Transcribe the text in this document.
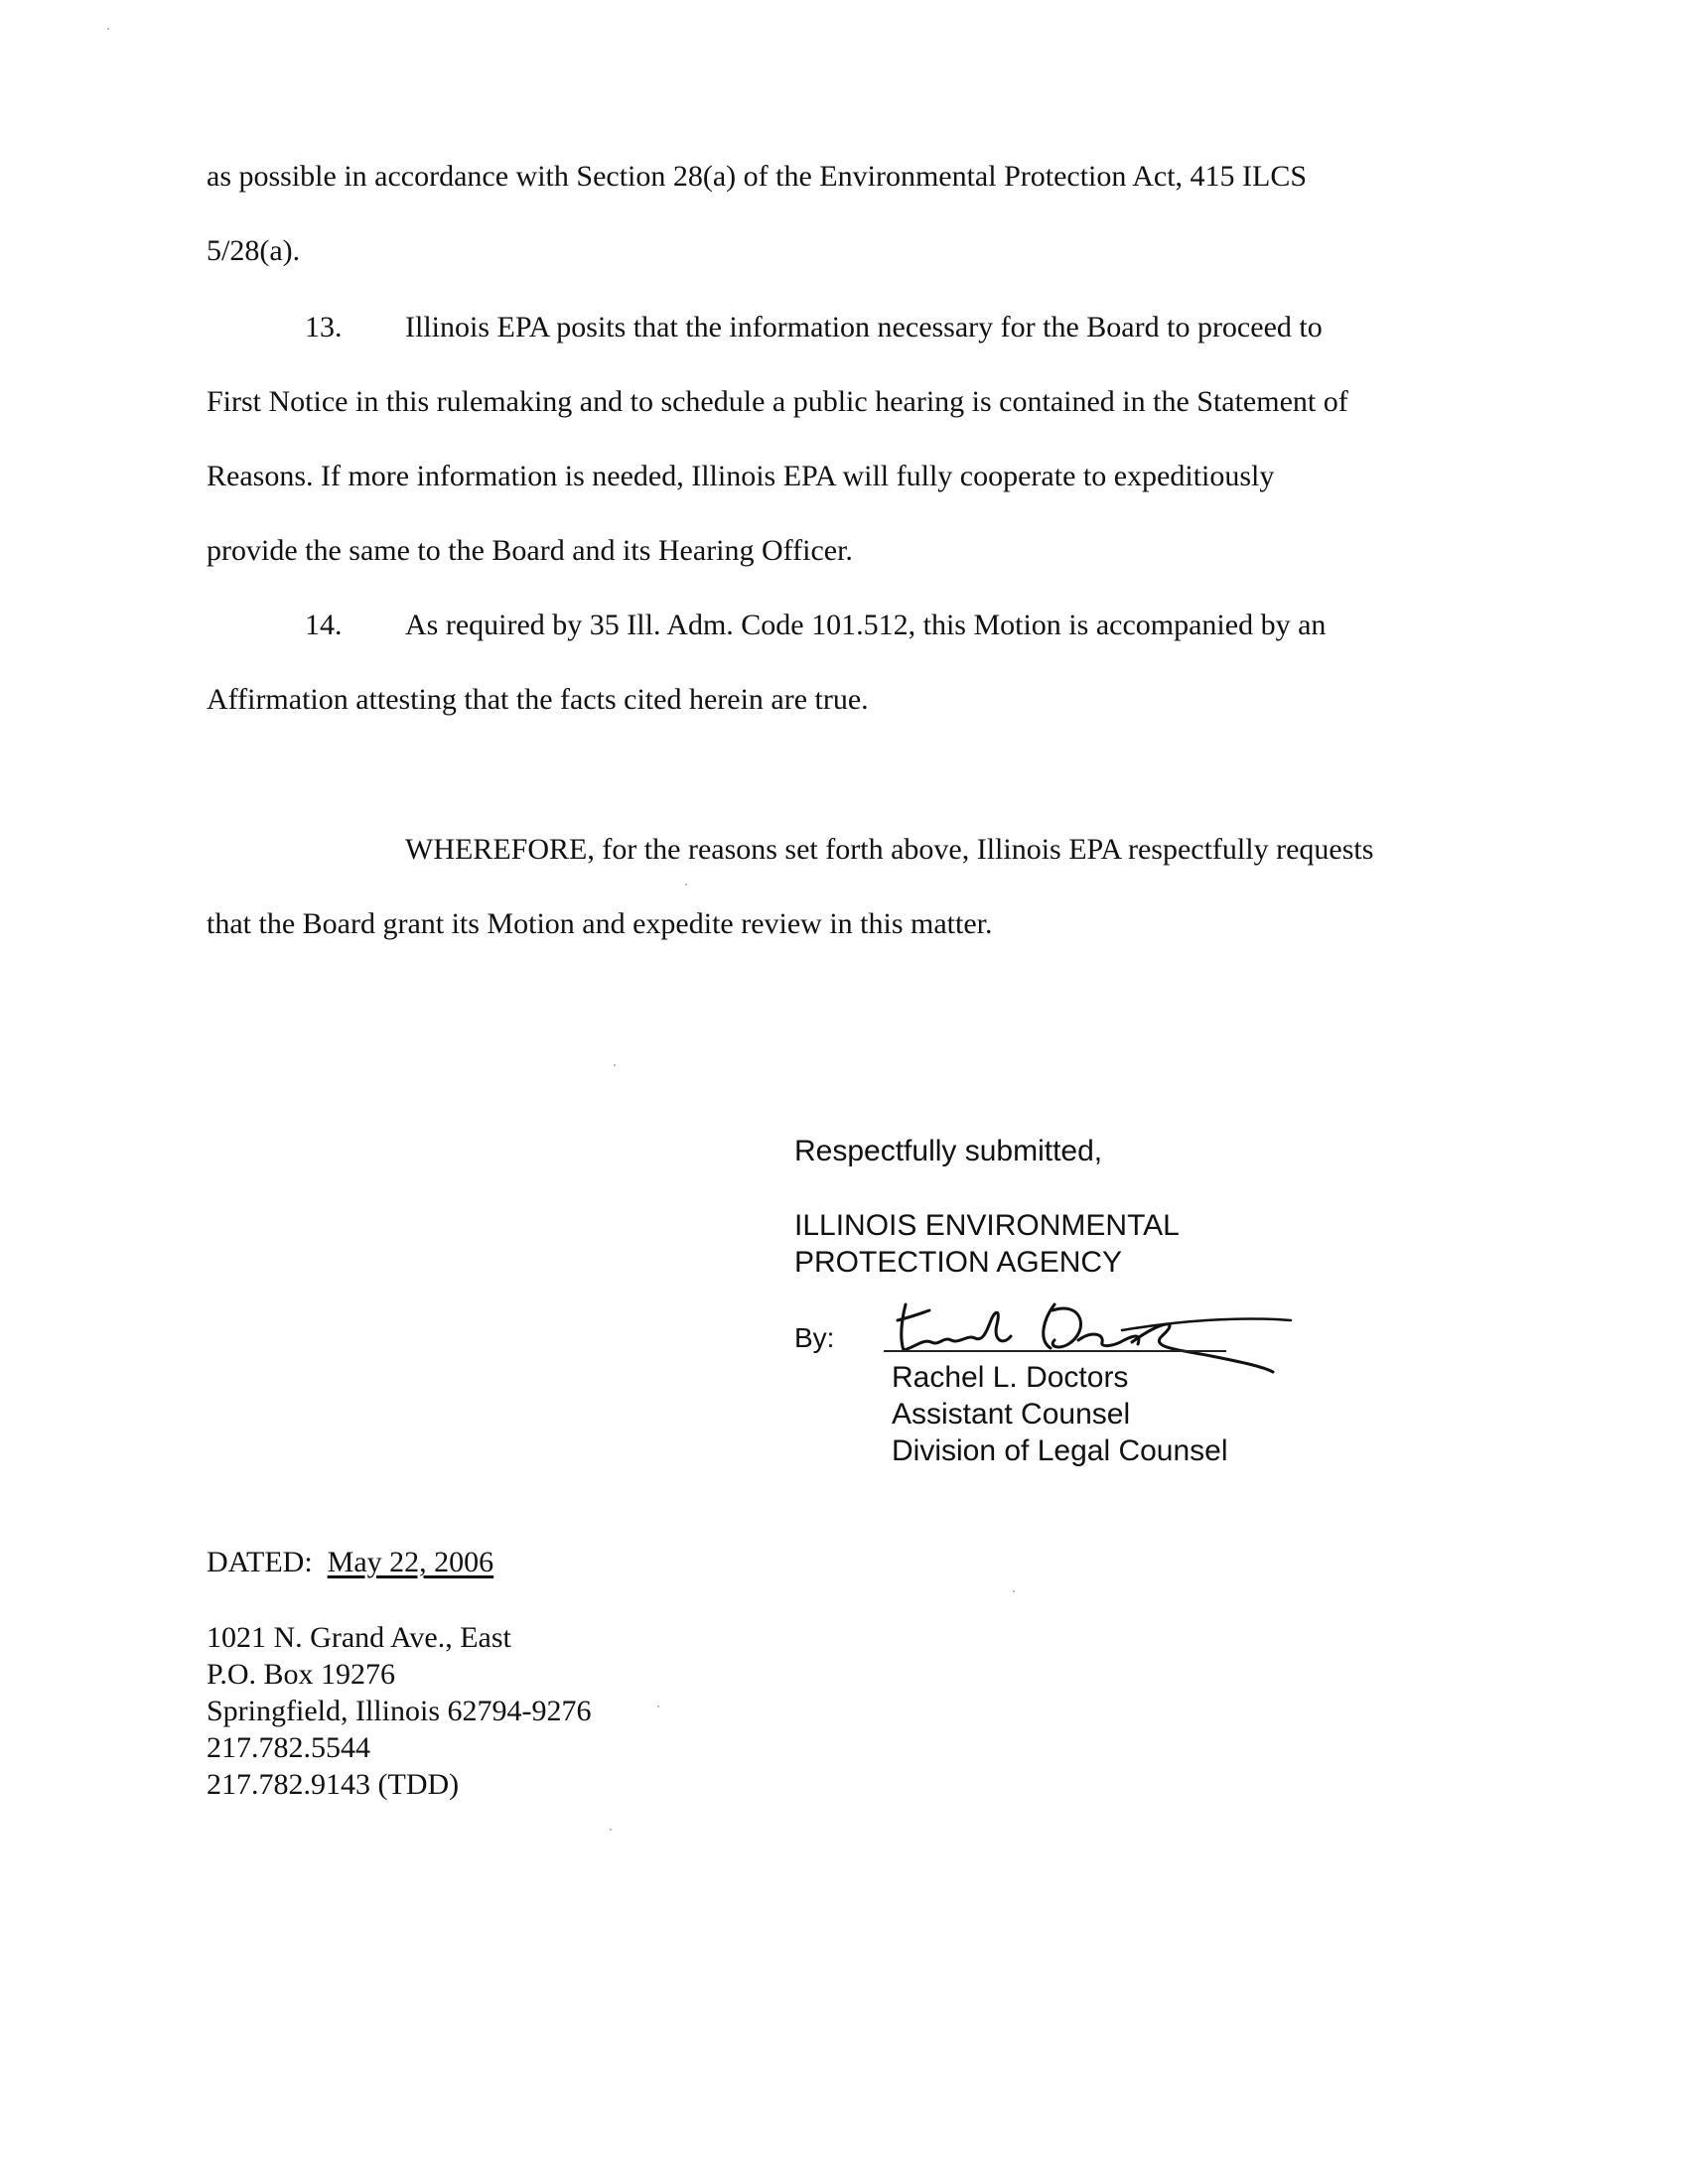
as possible in accordance with Section 28(a) of the Environmental Protection Act, 415 ILCS
5/28(a).
13. Illinois EPA posits that the information necessary for the Board to proceed to
First Notice in this rulemaking and to schedule a public hearing is contained in the Statement of
Reasons. If more information is needed, Illinois EPA will fully cooperate to expeditiously
provide the same to the Board and its Hearing Officer.
14. As required by 35 Ill. Adm. Code 101.512, this Motion is accompanied by an
Affirmation attesting that the facts cited herein are true.
WHEREFORE, for the reasons set forth above, Illinois EPA respectfully requests
that the Board grant its Motion and expedite review in this matter.
Respectfully submitted,
ILLINOIS ENVIRONMENTAL
PROTECTION AGENCY
By:
Rachel L. Doctors
Assistant Counsel
Division of Legal Counsel
DATED: May 22, 2006
1021 N. Grand Ave., East
P.O. Box 19276
Springfield, Illinois 62794-9276
217.782.5544
217.782.9143 (TDD)
